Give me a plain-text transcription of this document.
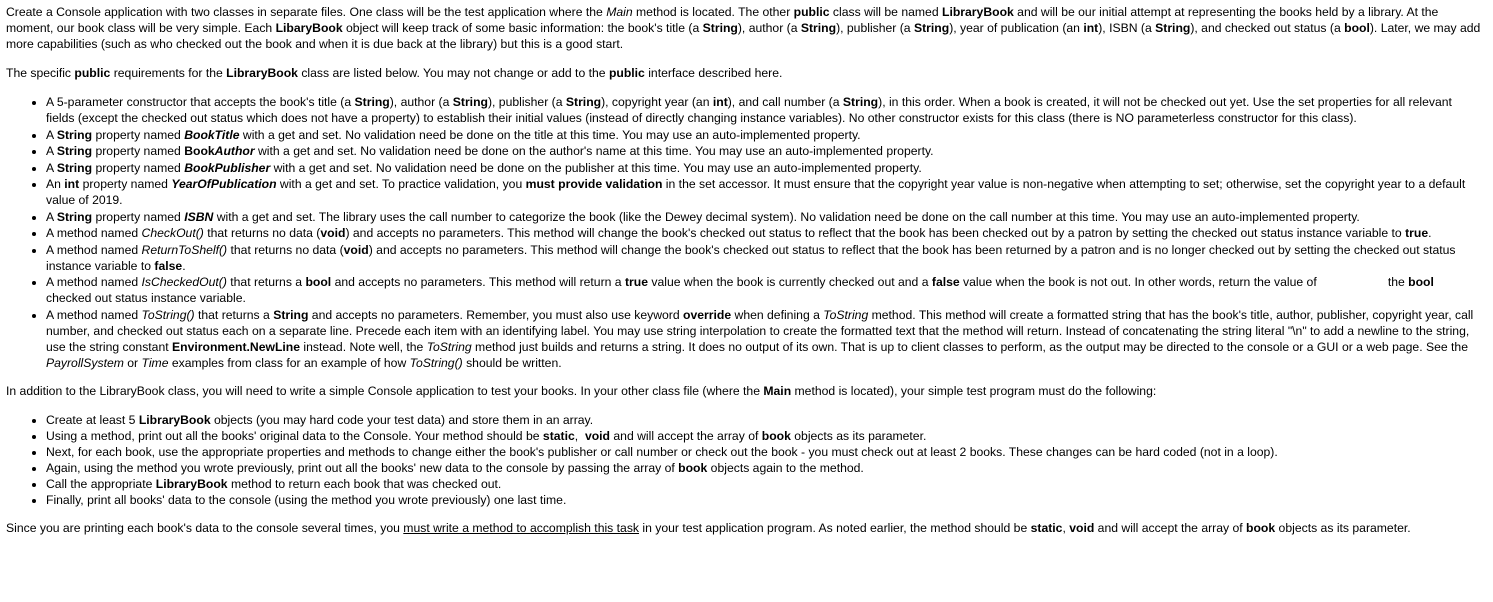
Create a Console application with two classes in separate files. One class will be the test application where the Main method is located. The other public class will be named LibraryBook and will be our initial attempt at representing the books held by a library. At the moment, our book class will be very simple. Each LibaryBook object will keep track of some basic information: the book's title (a String), author (a String), publisher (a String), year of publication (an int), ISBN (a String), and checked out status (a bool). Later, we may add more capabilities (such as who checked out the book and when it is due back at the library) but this is a good start.

The specific public requirements for the LibraryBook class are listed below. You may not change or add to the public interface described here.

• A 5-parameter constructor that accepts the book's title (a String), author (a String), publisher (a String), copyright year (an int), and call number (a String), in this order. When a book is created, it will not be checked out yet. Use the set properties for all relevant fields (except the checked out status which does not have a property) to establish their initial values (instead of directly changing instance variables). No other constructor exists for this class (there is NO parameterless constructor for this class).
• A String property named BookTitle with a get and set. No validation need be done on the title at this time. You may use an auto-implemented property.
• A String property named BookAuthor with a get and set. No validation need be done on the author's name at this time. You may use an auto-implemented property.
• A String property named BookPublisher with a get and set. No validation need be done on the publisher at this time. You may use an auto-implemented property.
• An int property named YearOfPublication with a get and set. To practice validation, you must provide validation in the set accessor. It must ensure that the copyright year value is non-negative when attempting to set; otherwise, set the copyright year to a default value of 2019.
• A String property named ISBN with a get and set. The library uses the call number to categorize the book (like the Dewey decimal system). No validation need be done on the call number at this time. You may use an auto-implemented property.
• A method named CheckOut() that returns no data (void) and accepts no parameters. This method will change the book's checked out status to reflect that the book has been checked out by a patron by setting the checked out status instance variable to true.
• A method named ReturnToShelf() that returns no data (void) and accepts no parameters. This method will change the book's checked out status to reflect that the book has been returned by a patron and is no longer checked out by setting the checked out status instance variable to false.
• A method named IsCheckedOut() that returns a bool and accepts no parameters. This method will return a true value when the book is currently checked out and a false value when the book is not out. In other words, return the value of                     the bool checked out status instance variable.
• A method named ToString() that returns a String and accepts no parameters. Remember, you must also use keyword override when defining a ToString method. This method will create a formatted string that has the book's title, author, publisher, copyright year, call number, and checked out status each on a separate line. Precede each item with an identifying label. You may use string interpolation to create the formatted text that the method will return. Instead of concatenating the string literal "\n" to add a newline to the string, use the string constant Environment.NewLine instead. Note well, the ToString method just builds and returns a string. It does no output of its own. That is up to client classes to perform, as the output may be directed to the console or a GUI or a web page. See the PayrollSystem or Time examples from class for an example of how ToString() should be written.

In addition to the LibraryBook class, you will need to write a simple Console application to test your books. In your other class file (where the Main method is located), your simple test program must do the following:

• Create at least 5 LibraryBook objects (you may hard code your test data) and store them in an array.
• Using a method, print out all the books' original data to the Console. Your method should be static,  void and will accept the array of book objects as its parameter.
• Next, for each book, use the appropriate properties and methods to change either the book's publisher or call number or check out the book - you must check out at least 2 books. These changes can be hard coded (not in a loop).
• Again, using the method you wrote previously, print out all the books' new data to the console by passing the array of book objects again to the method.
• Call the appropriate LibraryBook method to return each book that was checked out.
• Finally, print all books' data to the console (using the method you wrote previously) one last time.

Since you are printing each book's data to the console several times, you must write a method to accomplish this task in your test application program. As noted earlier, the method should be static, void and will accept the array of book objects as its parameter.
